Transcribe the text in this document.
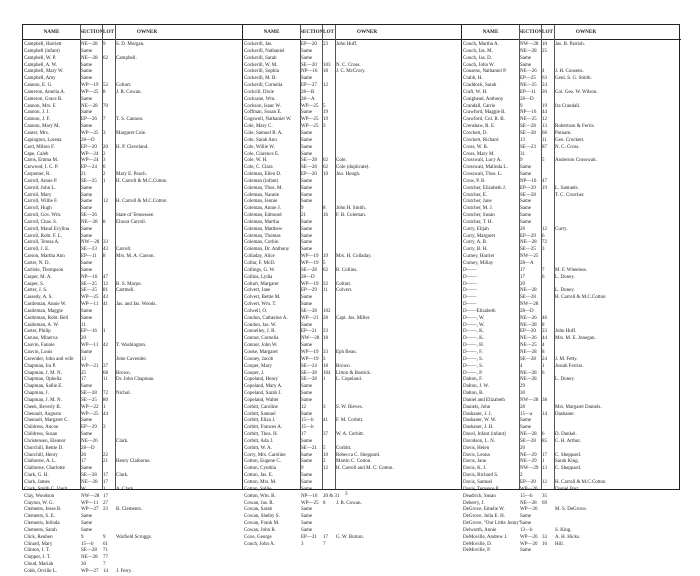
NAME	SECTION LOT	OWNER
Campbell, Harriett	NE—28	9	S. D. Morgan.
Campbell (infant)	Same
Campbell, W. P.	NE—28	62	Campbell.
Campbell, A. W.	Same
Campbell, Mary W.	Same
Campbell, Amy	Same
Cannon, E. G.	WP—19 52	Coltart.
Cameron, Amelia A.	WP—25 8	J. R. Cowan.
Cameron, Grace B.	Same
Cannon, Mrs. F.	NE—28	70
Cannon, J. J.	Same
Cannon, J. F.	EP—26	7	T. S. Cannon.
Cannon, Mary M.	Same
Canter, Mrs.	WP—25 3	Margaret Cole.
Capington, Lorena	28—D
Card, Milton F.	EP—20	20	H. P. Cleveland.
Cape, Caleb	WP—24 2
Carns, Emma M.	WP—24 3
Carwood, I. C. P.	EP—24	6
Carpenter, R.	21	2	Mary E. Peach.
Carroll, Annie P.	SE—25	1	H. Carroll & M.C.Cotton
Carroll, John L.	Same
Carroll, Mary	Same
Carroll, Willie F.	Same	12	H. Carroll & M.C.Cotton
Carroll, Hugh	Same
Carroll, Gov. Wm.	SE—26	State of Tennessee.
Carroll, Chas. S.	NE—28	8	Elnora Carroll.
Carroll, Maud Evylina	Same
Carroll, Robt. F. L.	Same
Carroll, Teresa A.	NW—28 33
Carroll, J. E.	SE—23	43	Carroll.
Carson, Martha Ann	EP—11	8	Mrs. M. A. Carson.
Carter, N. D.	Same
Carlisle, Thompson	Same
Casper, M. A.	NP—16	47
Casper, S.	SE—25	12	B. S. Marpo.
Carter, J. S.	SE—25	81	Cartmell.
Cassedy, A. S.	WP—25 43
Castleman, Annie W.	WP—11 41	Jas. and Jas. Woods.
Castleman, Maggie	Same
Castleman, Robt. Bell	Same
Castleman, A. W.	11
Carter, Philip	EP—16	1
Caruso, Minerva	20
Cauvin, Fannie	WP—11 42	T. Washington.
Cauvin, Louis	Same
Cavender, John and wife	13	John Cavender.
Chapman, Ira P.	WP—21 37
Chapman, J. M. N.	25	68	Brown.
Chapman, Ophelia	17	11	Dr. John Chapman.
Chapman, Sallie E.	Same
Chapman, J.	SE—28	72	Nichol.
Chapman, J. M. N.	SE—25	80
Cheek, Beverly B.	WP—22 1
Chenault, Augusta	WP—25 44
Chenault, Margaret C.	Same
Childress, Ancoe	EP—29	3
Childress, Susan	Same
Christensen, Eleanor	NE—26	Clark.
Churchill, Bettie D.	28—D
Churchill, Henry	26	22
Claiborne, A. L.	17	21	Henry Claiborne.
Claiborne, Charlotte	Same
Clark, G. H.	SE—28	17	Clark.
Clark, James	NE—28	17
Clark, Smith C. Vault	W	1	A. Clark.
Clay, Woodson	NW—28 17
Clayton, W. G.	WP—11 27
Clements, Jesse B.	WP—27 23	B. Clements.
Clements, S. E.	Same
Clements, Inlinda	Same
Clements, Sarah	Same
Click, Reuben	9	9	Warfield Scruggs.
Clinard, Mary	15—b	61
Clinton, J. T.	SE—28	71
Clopper, J. T.	NE—28	77
Cloud, Mariah	30	7
Cobb, Orville L.	WP—27 14	J. Ferry.
NAME	SECTION LOT	OWNER
Cockerill, Jas.	EP—20	23	John Huff.
Cockerill, Nathaniel	Same
Cockerill, Sarah	Same
Cockerill, W. M.	SE—20	103	N. C. Cross.
Cockerill, Sophia	NP—16	18	J. C. McCrory.
Cockerill, M. B.	Same
Cockerill, Cornelia	EP—27	12
Cockrill, Dixie	28—B
Cockrane, Wm.	28—A
Cockson, Isaac W.	WP—25 5
Coffman, Susan E.	Same	19
Cogswell, Nathaniel W.	WP—25 19
Cole, Mary C.	WP—25 3
Cole, Samuel R. A.	Same
Cole, Sarah Ann	Same
Cole, Willie W.	Same
Cole, Clarence E.	Same
Cole, W. H.	SE—28	62	Cole.
Cole, C. Clara	SE—28	62	Cole (duplicate).
Coleman, Ellen D.	EP—20	10	Jno. Hough.
Coleman (infant)	Same
Coleman, Thos. M.	Same
Coleman, Nannie	Same
Coleman, Jennie	Same
Coleman, Annie J.	9	8	John H. Smith.
Coleman, Edmond	21	16	F. B. Coleman.
Coleman, Martha	Same
Coleman, Matthew	Same
Coleman, Thomas	Same
Coleman, Corbin	Same
Coleman, Dr. Anthony	Same
Colladay, Alice	WP—19 19	Mrs. H. Colladay.
Collar, F. McD.	WP—19 5
Collings, G. W.	SE—28	62	R. Collins.
Collins, Lydia	28—D
Coltart, Margaret	WP—19 32	Coltart.
Colvert, Jane	EP—29	11	Colvert.
Colvert, Bettie M.	Same
Colvert, Wm. T.	Same
Colwell, O.	SE—28	102
Condon, Catherine A.	WP—21 28	Capt. Jos. Miller.
Condon, Jas. W.	Same
Connelley, J. R.	EP—21	33
Connor, Cornelia	NW—28 18
Connor, John W.	Same
Cooke, Margaret	WP—19 33	Eph Bean.
Cooney, Jacob	WP—19 3
Cooper, Mary	SE—24	18	Brown.
Cooper, J.	SE—28	104	Litton & Bostick.
Copeland, Henry	SE—28	1	L. Copeland.
Copeland, Mary A.	Same
Copeland, Sarah J.	Same
Copeland, Walter	Same
Corbitt, Caroline	12	3	S. W. Rieves.
Corbitt, Samuel	Same
Corbitt, Eliza J.	15—b	41	F. M. Corbitt.
Corbitt, Frances A.	15—b
Corbitt, Thos. H.	17	37	W. A. Corbitt.
Corbitt, Ada J.	Same
Corbitt, W. A.	SE—21	5	Corbitt.
Corry, Mrs. Caroline	Same	10	Rebecca C. Sheppard.
Cotton, Eugene C.	Same	2	Martin C. Cotton.
Cotton, Cynthia	9	12	H. Carroll and M. C. Cotton.
Cotton, Jas. E.	Same
Cotton, Mrs. M.	Same
Cotton, Sallie	Same
Cotton, Wm. R.	NP—16	20 & 31
Cowan, Jas. R.	WP—25 8	J. R. Cowan.
Cowan, Sarah	Same
Cowan, Shelby S.	Same
Cowan, Frank M.	Same
Cowan, John R.	Same
Coxe, George	EP—21	17	G. W. Burton.
Couch, John A.	3	7
NAME	SECTION LOT	OWNER
Couch, Martha A.	NW—28 10	Jas. B. Parrish.
Couch, Jas. M.	NE—28	25
Couch, Jas. D.	Same
Couch, John W.	Same
Cousens, Nathaniel P.	NE—26	4	J. H. Cousens.
Crabb, H.	EP—25	63	Genl. S. G. Smith.
Craddock, Sarah	NE—25	24
Craft, W. H.	EP—11	20	Col. Geo. W. Wilson.
Craighead, Anthony	28—D
Crandall, Carrie	9	19	Ira Crandall.
Crawford, Maggie B.	NP—16	44
Crawford, Col. R. B.	NE—25	12
Crenshaw, R. E.	SE—28	13	Robertson & Ferris.
Crockett, D.	SE—28	66	Putnam.
Crockett, Richard	13	11	Geo. Crockett.
Cross, W. B.	SE—23	87	N. C. Cross.
Cross, Mary M.	31
Crosswait, Lucy A.	9	5	Anderson Crosswait.
Crosswait, Malinda L.	Same
Crosswait, Thos. L.	Same
Crow, P. B.	NP—16	47
Crutcher, Elizabeth J.	EP—29	19	L. Samuels.
Crutcher, E.	SE—28	T. C. Crutcher.
Crutcher, Jane	Same
Crutcher, M. J.	Same
Crutcher, Susan	Same
Crutcher, T. H.	Same
Curry, Elijah	26	12	Curry.
Curry, Margaret	EP—29	6
Curry, A. B.	NE—28	72
Curry, B. H.	SE—25	3
Curney, Harriet	NW—25
Curney, Millay	28—A
D——	17	7	M. F. Wheeless.
D——	17	6	L. Doney.
D——	20
D——	NE—28	L. Doney.
D——	SE—28	H. Carroll & M.C.Cotton
D——	NW—28
D——Elizabeth	28—D
D——, W.	NE—26	46
D——, W.	NE—28	8
D——, K.	EP—20	23	John Huff.
D——, K.	NE—26	44	Mrs. M. E. Jonegan.
D——, H.	NE—25	4
D——, F.	NE—28	8
D——, S.	SE—28	24	J. M. Fetty.
D——, S.	4	1	Josiah Ferriss.
D——, P.	NE—28	6
Dalton, F.	NE—28	L. Doney.
Dalton, J. W.	29
Dalton, B.	30
Daniel and Elizabeth	NW—28 38
Daniels, John	28	Mrs. Margaret Daniels.
Dashaner, J. J.	15—a	14	Dashaner.
Dashaner, W. W.	Same
Dashaner, J. H.	Same
Davel, Infant (infant)	NE—28	6	D. Dankel.
Davidson, L. N.	SE—28	85	C. H. Arthur.
Davis, Helen	20
Davis, Leona	NE—29	17	C. Sheppard.
Davis, Jane	NE—29	1	Sarah King.
Davis, K. J.	NW—29 13	C. Sheppard.
Davis, Richard S.	2
Davis, Samuel	EP—20	12	H. Carroll & M.C.Cotton
Davis, Terrence P.	WP—20	Daniel Barr.
Deadrick, Susan	15—b	35
Deberry, J.	NE—28	69
DeGrove, Emelie W.	WP—26	M. S. DeGrove.
DeGrove, Julia E. H.	Same
DeGrove, "Our Little Jonny" Same
Delworth, Annie	13—b	S. King.
DeMoville, Andrew J.	WP—20 33	A. H. Hicks.
DeMoville, D.	WP—20 16	Hill.
DeMoville, P.	Same
3
